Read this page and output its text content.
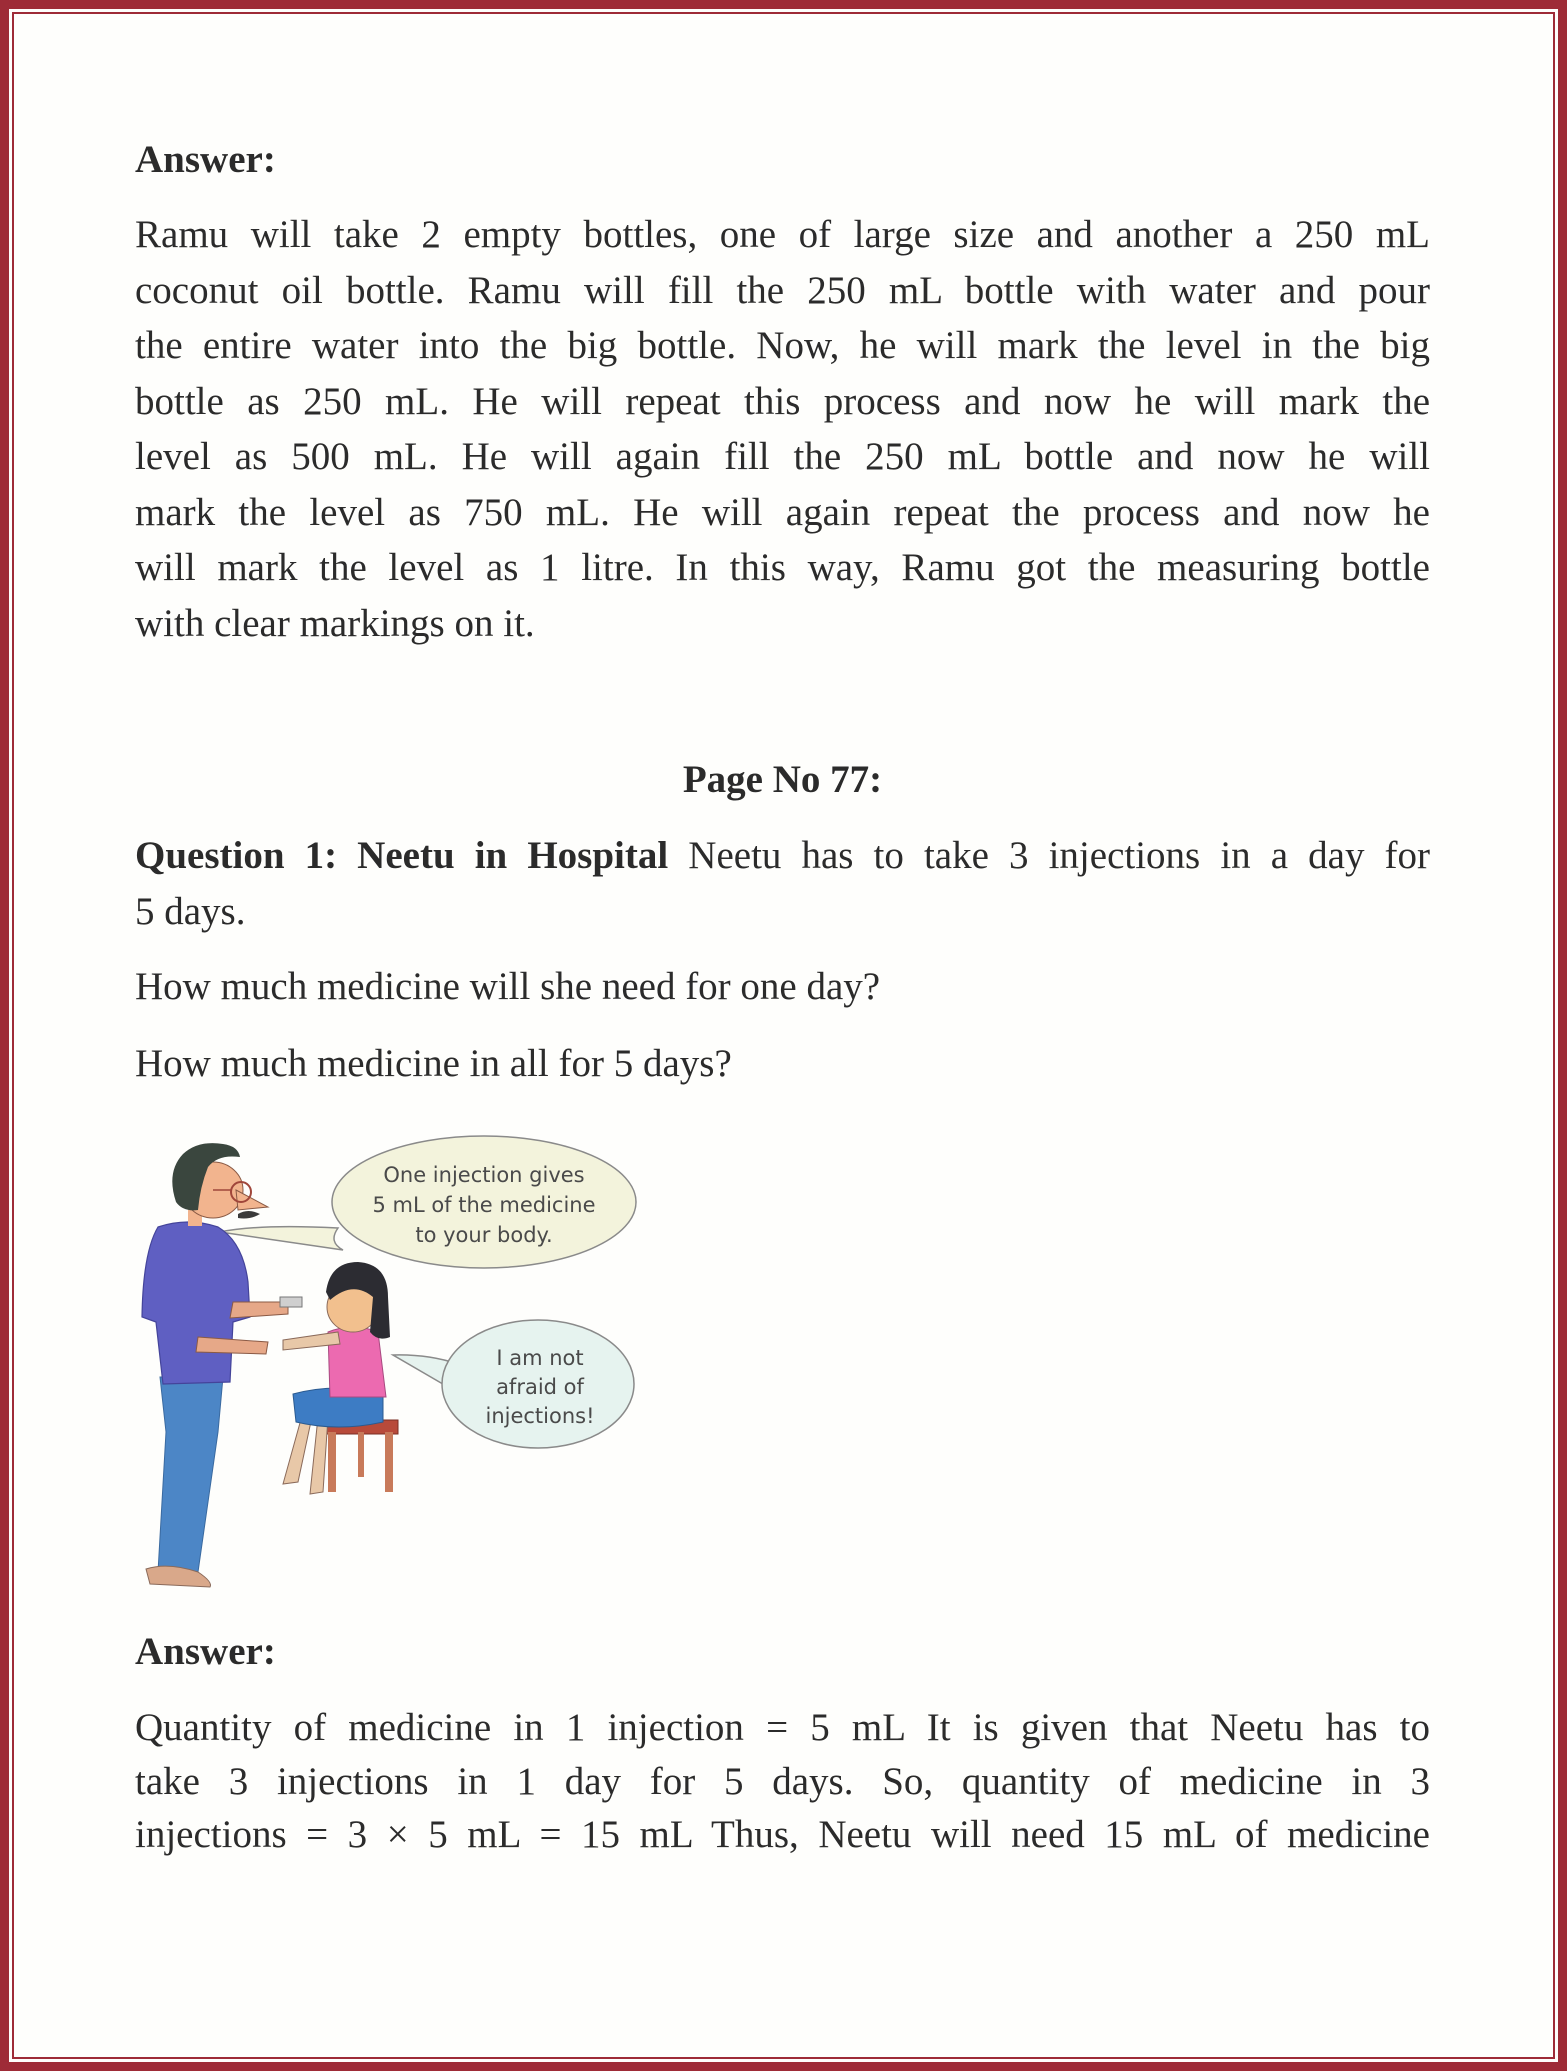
Answer:
Ramu will take 2 empty bottles, one of large size and another a 250 mL
coconut oil bottle. Ramu will fill the 250 mL bottle with water and pour
the entire water into the big bottle. Now, he will mark the level in the big
bottle as 250 mL. He will repeat this process and now he will mark the
level as 500 mL. He will again fill the 250 mL bottle and now he will
mark the level as 750 mL. He will again repeat the process and now he
will mark the level as 1 litre. In this way, Ramu got the measuring bottle
with clear markings on it.
Page No 77:
Question 1: Neetu in Hospital Neetu has to take 3 injections in a day for
5 days.
How much medicine will she need for one day?
How much medicine in all for 5 days?
One injection gives
5 mL of the medicine
to your body.
I am not
afraid of
injections!
Answer:
Quantity of medicine in 1 injection = 5 mL It is given that Neetu has to
take 3 injections in 1 day for 5 days. So, quantity of medicine in 3
injections = 3 × 5 mL = 15 mL Thus, Neetu will need 15 mL of medicine
